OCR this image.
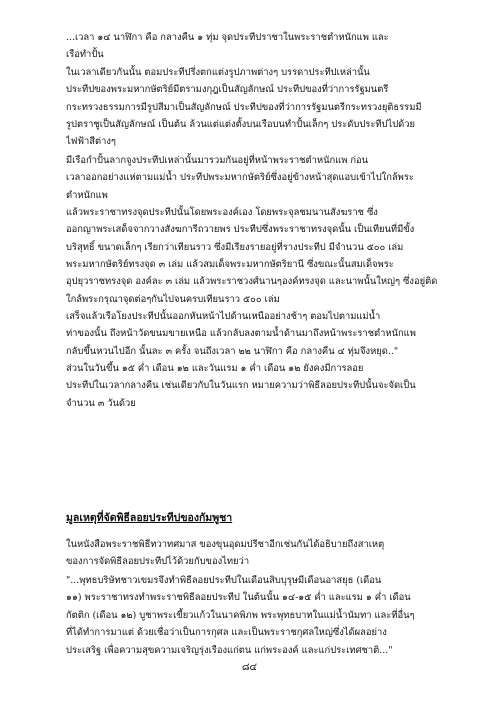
...เวลา ๑๔ นาฬิกา คือ กลางคืน ๑ ทุ่ม จุดประทีปราชาในพระราชตำหนักแพ และ
เรือทำปั้น
ในเวลาเดียวกันนั้น ตอมประทีปรึ่งตกแต่งรูปภาพต่างๆ บรรดาประทีปเหล่านั้น
ประทีปของพระมหากษัตริย์มีตรามงกุฎเป็นสัญลักษณ์ ประทีปของที่ว่าการรัฐมนตรี
กระทรวงธรรมการมีรูปสีมาเป็นสัญลักษณ์ ประทีปของที่ว่าการรัฐมนตรีกระทรวงยุติธรรมมี
รูปตราชูเป็นสัญลักษณ์ เป็นต้น ล้วนแต่แต่งตั้งบนเรือบนทำปั้นเล็กๆ ประดับประทีปไปด้วย
ไฟฟ้าสีต่างๆ
มีเรือกำปั้นลากจูงประทีปเหล่านั้นมารวมกันอยู่ที่หน้าพระราชตำหนักแพ ก่อน
เวลาออกอย่างแห่ตามแม่น้ำ ประทีปพระมหากษัตริย์ซึ่งอยู่ข้างหน้าสุดแอบเข้าไปใกล้พระ
ตำหนักแพ
แล้วพระราชาทรงจุดประทีปนั้นโดยพระองค์เอง โดยพระจุลชมนานสังฆราช ซึ่ง
ออกญาพระเสด็จจากวางสังฆการีถวายพร ประทีปซึ่งพระราชาทรงจุดนั้น เป็นเทียนที่มีขั้ง
บริสุทธิ์ ขนาดเล็กๆ เรียกว่าเทียนราว ซึ่งมีเรียงรายอยู่ที่รางประทีป มีจำนวน ๕๐๐ เล่ม
พระมหากษัตริย์ทรงจุด ๓ เล่ม แล้วสมเด็จพระมหากษัตริยานี ซึ่งขณะนั้นสมเด็จพระ
อุปยุวราชทรงจุด องค์ละ ๓ เล่ม แล้วพระราชวงศ์นานๆองค์ทรงจุด และนาพนั้นใหญ่ๆ ซึ่งอยู่ติด
ใกล้พระกรุณาจุดต่อๆกันไปจนครบเทียนราว ๕๐๐ เล่ม
เสร็จแล้วเรือโยงประทีปนั้นออกหันหน้าไปด้านเหนืออย่างช้าๆ ตอมไปตามแม่น้ำ
ท่าของนั้น ถึงหน้าวัดขนมขายเหนือ แล้วกลับลงตามน้ำด้านมาถึงหน้าพระราชตำหนักแพ
กลับขึ้นหวนไปอีก นั้นละ ๓ ครั้ง จนถึงเวลา ๒๒ นาฬิกา คือ กลางคืน ๔ ทุ่มจึงหยุด.."
ส่วนในวันขึ้น ๑๕ ค่ำ เดือน ๑๒ และวันแรม ๑ ค่ำ เดือน ๑๒ ยังคงมีการลอย
ประทีปในเวลากลางคืน เช่นเดียวกับในวันแรก หมายความว่าพิธีลอยประทีปนั้นจะจัดเป็น
จำนวน ๓ วันด้วย
ในหนังสือพระราชพิธีทวาทศมาส ของขุนอุดมปรีชาอีกเช่นกันได้อธิบายถึงสาเหตุ
ของการจัดพิธีลอยประทีปไว้ด้วยกับของไทยว่า
"...พุทธบริษัทชาวเขมรจึงทำพิธีลอยประทีปในเดือนสิบบุรุษมีเดือนอาสยุธ (เดือน
๑๑) พระราชาทรงทำพระราชพิธีลอยประทีป ในต้นนั้น ๑๔-๑๕ ค่ำ และแรม ๑ ค่ำ เดือน
กัตติก (เดือน ๑๒) บูชาพระเขี้ยวแก้วในนาคพิภพ พระพุทธบาทในแม่น้ำนัมทา และที่อื่นๆ
ที่ได้ทำการมาแต่ ด้วยเชื่อว่าเป็นการกุศล และเป็นพระราชกุศลใหญ่ซึ่งได้ผลอย่าง
ประเสริฐ เพื่อความสุขความเจริญรุ่งเรืองแก่ตน แก่พระองค์ และแก่ประเทศชาติ..."
มูลเหตุที่จัดพิธีลอยประทีปของกัมพูชา
๘๔
